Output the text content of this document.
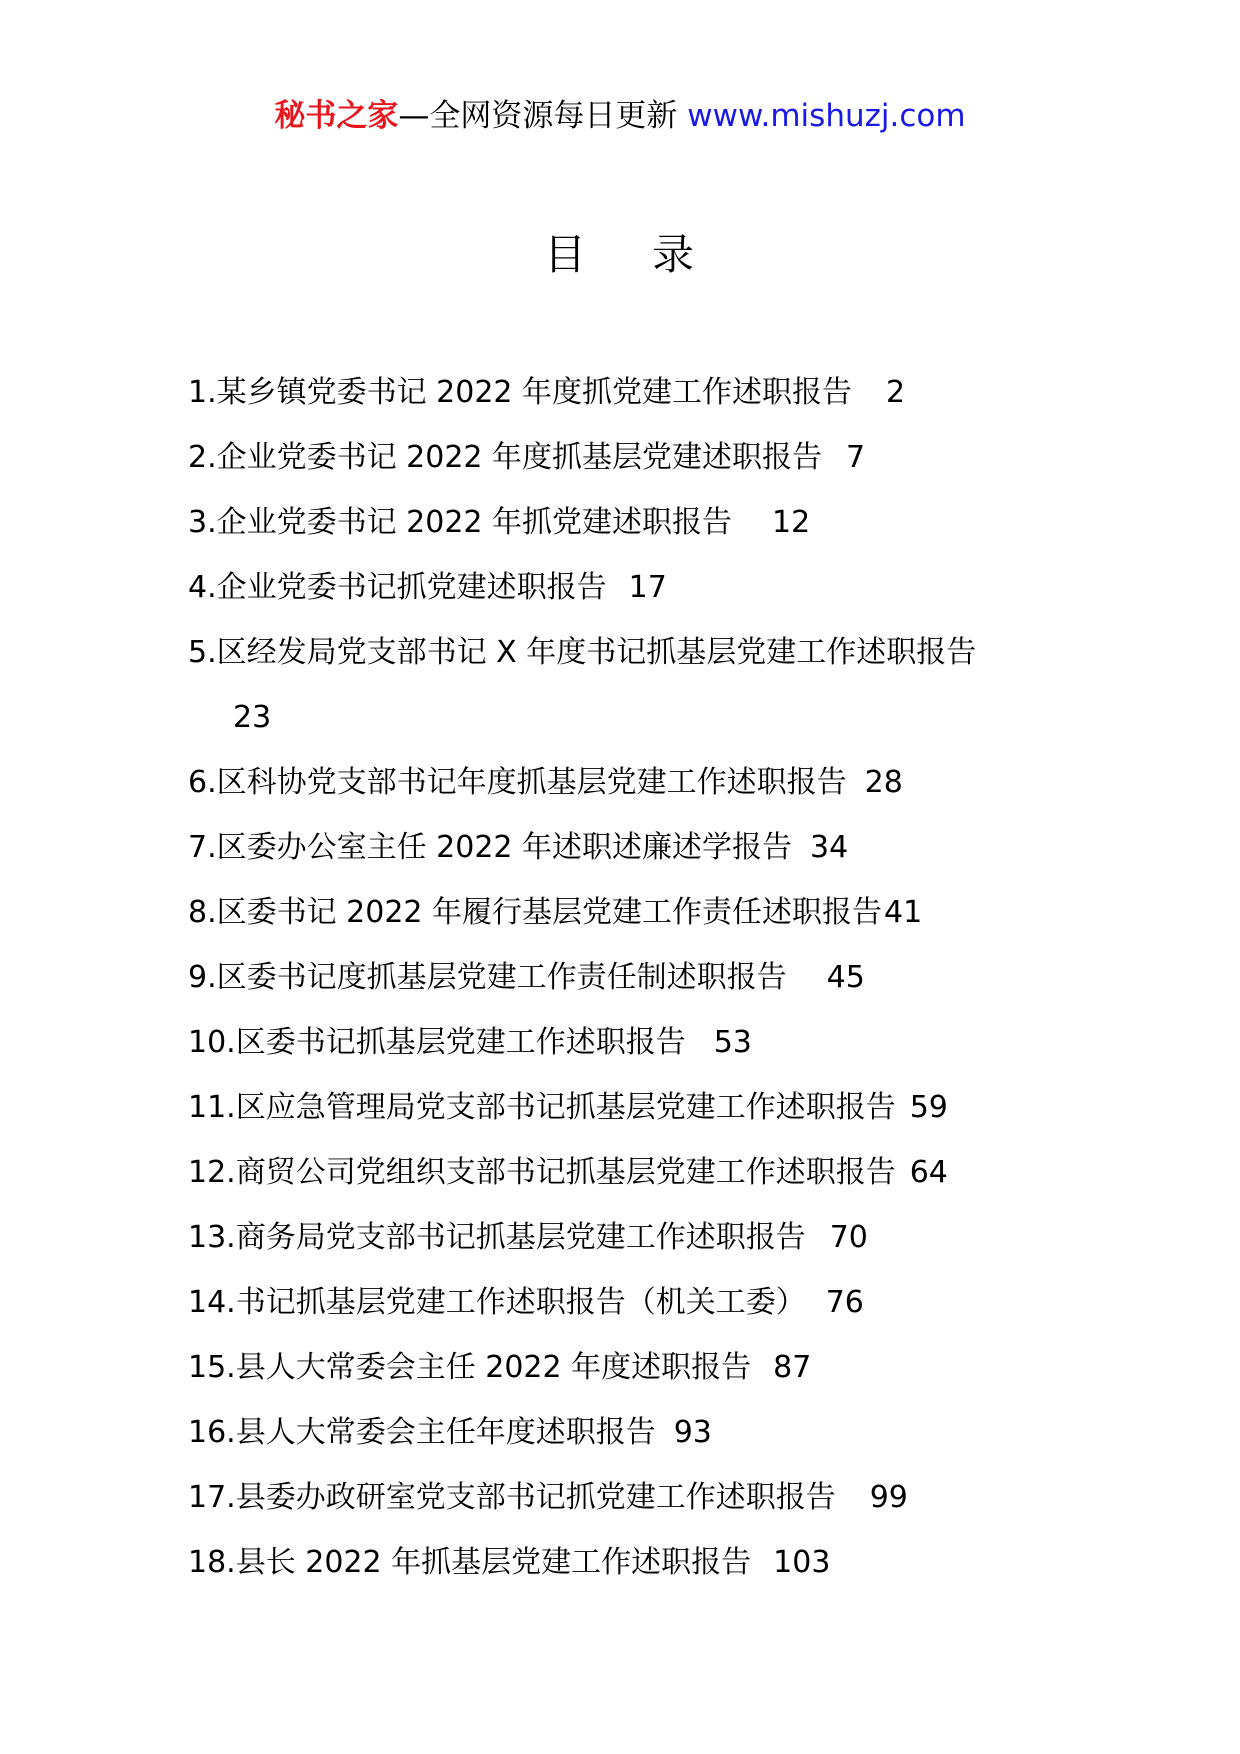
秘书之家—全网资源每日更新 www.mishuzj.com
目 录
1.某乡镇党委书记 2022 年度抓党建工作述职报告 2
2.企业党委书记 2022 年度抓基层党建述职报告 7
3.企业党委书记 2022 年抓党建述职报告 12
4.企业党委书记抓党建述职报告 17
5.区经发局党支部书记 X 年度书记抓基层党建工作述职报告
23
6.区科协党支部书记年度抓基层党建工作述职报告 28
7.区委办公室主任 2022 年述职述廉述学报告 34
8.区委书记 2022 年履行基层党建工作责任述职报告41
9.区委书记度抓基层党建工作责任制述职报告 45
10.区委书记抓基层党建工作述职报告 53
11.区应急管理局党支部书记抓基层党建工作述职报告 59
12.商贸公司党组织支部书记抓基层党建工作述职报告 64
13.商务局党支部书记抓基层党建工作述职报告 70
14.书记抓基层党建工作述职报告（机关工委） 76
15.县人大常委会主任 2022 年度述职报告 87
16.县人大常委会主任年度述职报告 93
17.县委办政研室党支部书记抓党建工作述职报告 99
18.县长 2022 年抓基层党建工作述职报告 103
